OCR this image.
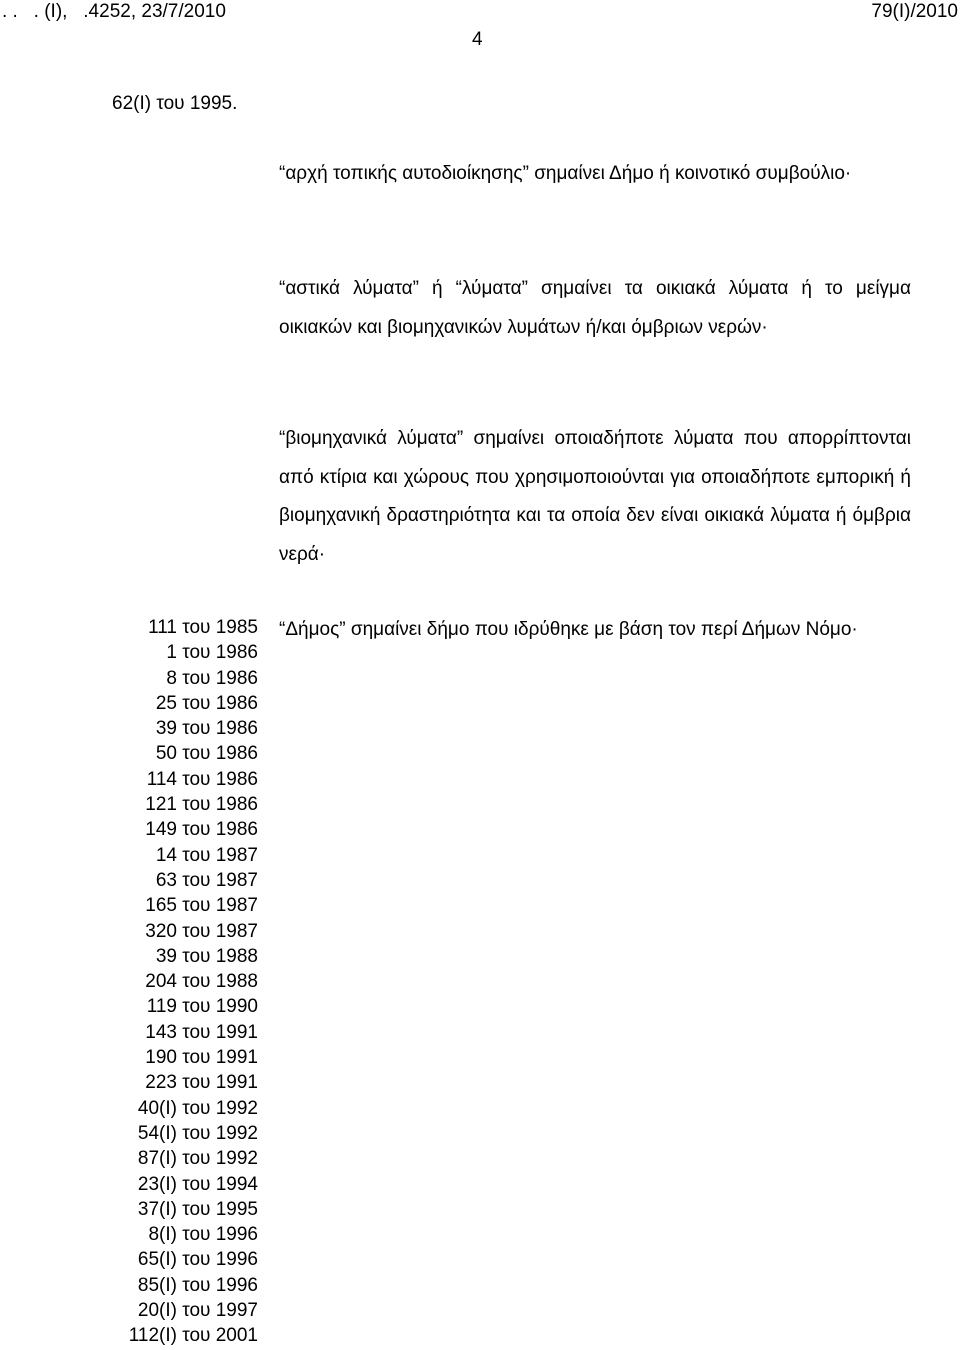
. .   . (Ι),   .4252, 23/7/2010	79(Ι)/2010
4
62(Ι) του 1995.

“αρχή τοπικής αυτοδιοίκησης” σημαίνει Δήμο ή κοινοτικό συμβούλιο·

“αστικά λύματα” ή “λύματα” σημαίνει τα οικιακά λύματα ή το μείγμα οικιακών και βιομηχανικών λυμάτων ή/και όμβριων νερών·

“βιομηχανικά λύματα” σημαίνει οποιαδήποτε λύματα που απορρίπτονται από κτίρια και χώρους που χρησιμοποιούνται για οποιαδήποτε εμπορική ή βιομηχανική δραστηριότητα και τα οποία δεν είναι οικιακά λύματα ή όμβρια νερά·

111 του 1985
1 του 1986
8 του 1986
25 του 1986
39 του 1986
50 του 1986
114 του 1986
121 του 1986
149 του 1986
14 του 1987
63 του 1987
165 του 1987
320 του 1987
39 του 1988
204 του 1988
119 του 1990
143 του 1991
190 του 1991
223 του 1991
40(Ι) του 1992
54(Ι) του 1992
87(Ι) του 1992
23(Ι) του 1994
37(Ι) του 1995
8(Ι) του 1996
65(Ι) του 1996
85(Ι) του 1996
20(Ι) του 1997
112(Ι) του 2001

“Δήμος” σημαίνει δήμο που ιδρύθηκε με βάση τον περί Δήμων Νόμο·
